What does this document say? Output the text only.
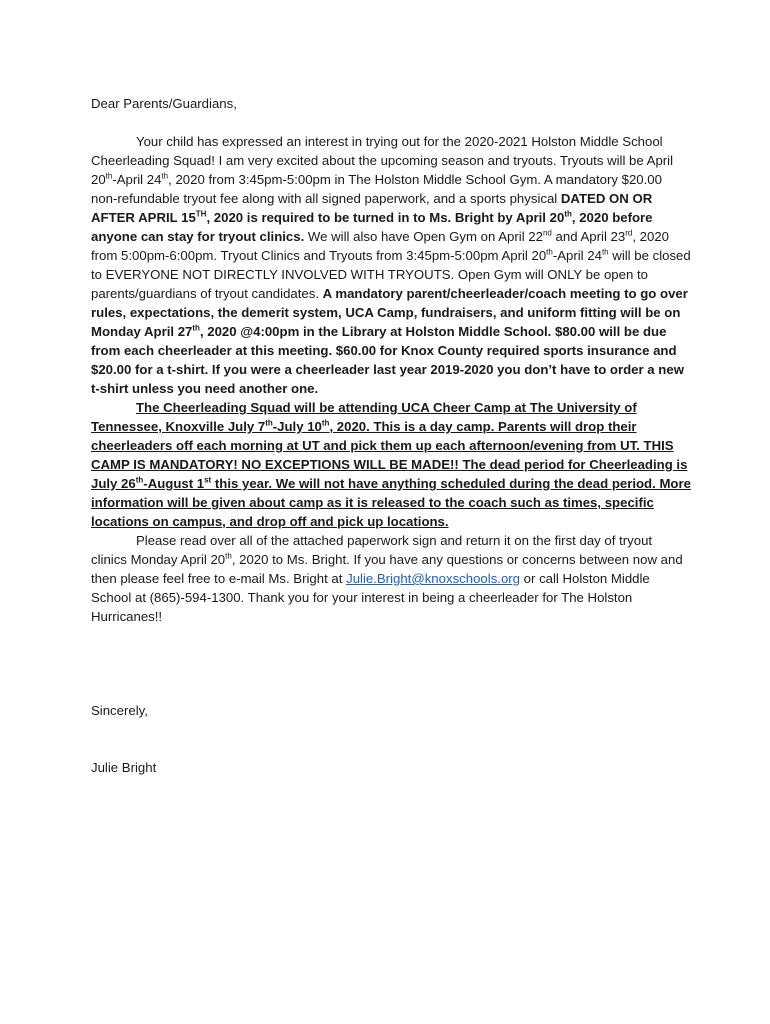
Dear Parents/Guardians,

Your child has expressed an interest in trying out for the 2020-2021 Holston Middle School Cheerleading Squad! I am very excited about the upcoming season and tryouts. Tryouts will be April 20th-April 24th, 2020 from 3:45pm-5:00pm in The Holston Middle School Gym. A mandatory $20.00 non-refundable tryout fee along with all signed paperwork, and a sports physical DATED ON OR AFTER APRIL 15TH, 2020 is required to be turned in to Ms. Bright by April 20th, 2020 before anyone can stay for tryout clinics. We will also have Open Gym on April 22nd and April 23rd, 2020 from 5:00pm-6:00pm. Tryout Clinics and Tryouts from 3:45pm-5:00pm April 20th-April 24th will be closed to EVERYONE NOT DIRECTLY INVOLVED WITH TRYOUTS. Open Gym will ONLY be open to parents/guardians of tryout candidates. A mandatory parent/cheerleader/coach meeting to go over rules, expectations, the demerit system, UCA Camp, fundraisers, and uniform fitting will be on Monday April 27th, 2020 @4:00pm in the Library at Holston Middle School. $80.00 will be due from each cheerleader at this meeting. $60.00 for Knox County required sports insurance and $20.00 for a t-shirt. If you were a cheerleader last year 2019-2020 you don’t have to order a new t-shirt unless you need another one.

The Cheerleading Squad will be attending UCA Cheer Camp at The University of Tennessee, Knoxville July 7th-July 10th, 2020. This is a day camp. Parents will drop their cheerleaders off each morning at UT and pick them up each afternoon/evening from UT. THIS CAMP IS MANDATORY! NO EXCEPTIONS WILL BE MADE!! The dead period for Cheerleading is July 26th-August 1st this year. We will not have anything scheduled during the dead period. More information will be given about camp as it is released to the coach such as times, specific locations on campus, and drop off and pick up locations.

Please read over all of the attached paperwork sign and return it on the first day of tryout clinics Monday April 20th, 2020 to Ms. Bright. If you have any questions or concerns between now and then please feel free to e-mail Ms. Bright at Julie.Bright@knoxschools.org or call Holston Middle School at (865)-594-1300. Thank you for your interest in being a cheerleader for The Holston Hurricanes!!

Sincerely,
Julie Bright
